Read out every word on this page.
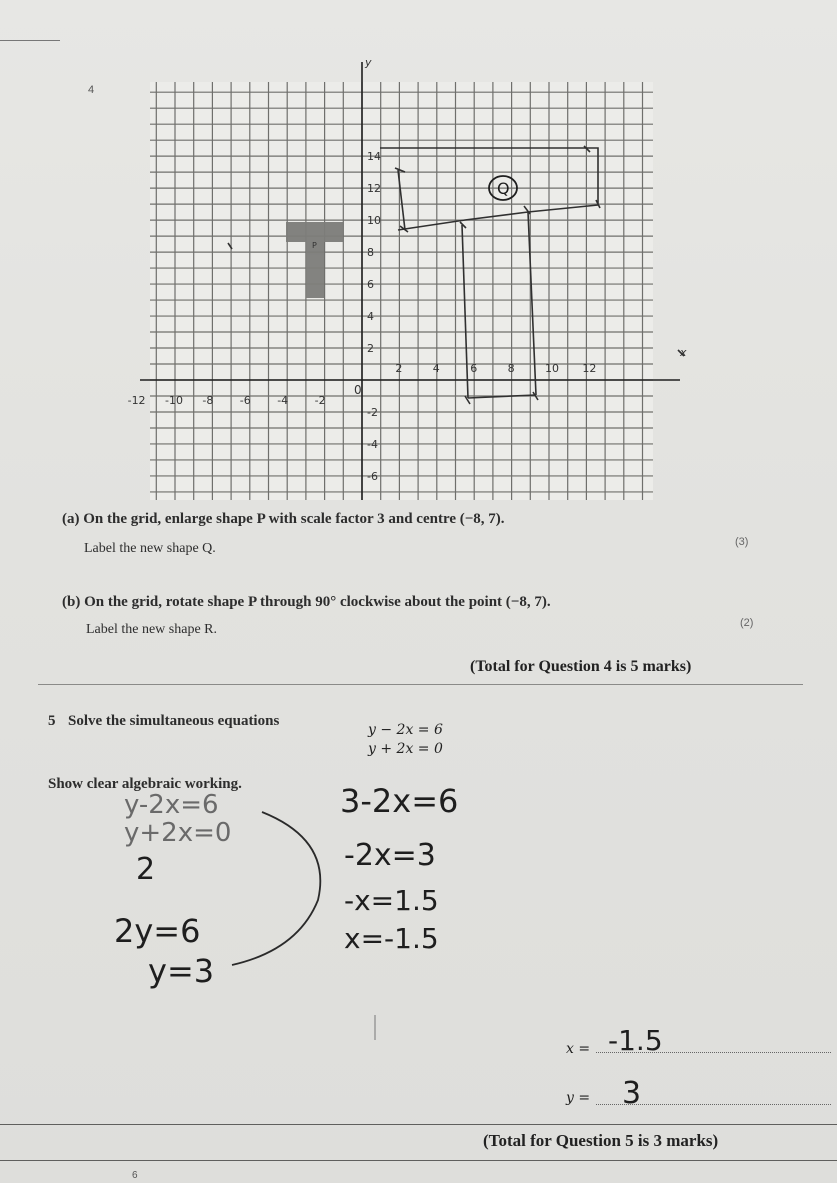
4
Q
P
y
x
0
14
12
10
8
6
4
2
-2
-4
-6
-12 -10 -8 -6 -4 -2
2	4	6	8	10 12
(a) On the grid, enlarge shape P with scale factor 3 and centre (−8, 7).
Label the new shape Q.	(3)
(b) On the grid, rotate shape P through 90° clockwise about the point (−8, 7).
Label the new shape R.	(2)
(Total for Question 4 is 5 marks)
5 Solve the simultaneous equations
y − 2x = 6
y + 2x = 0
Show clear algebraic working.
y-2x=6
y+2x=0
2
2y=6
y=3
3-2x=6
-2x=3
-x=1.5
x=-1.5
x = -1.5
y = 3
(Total for Question 5 is 3 marks)
6
